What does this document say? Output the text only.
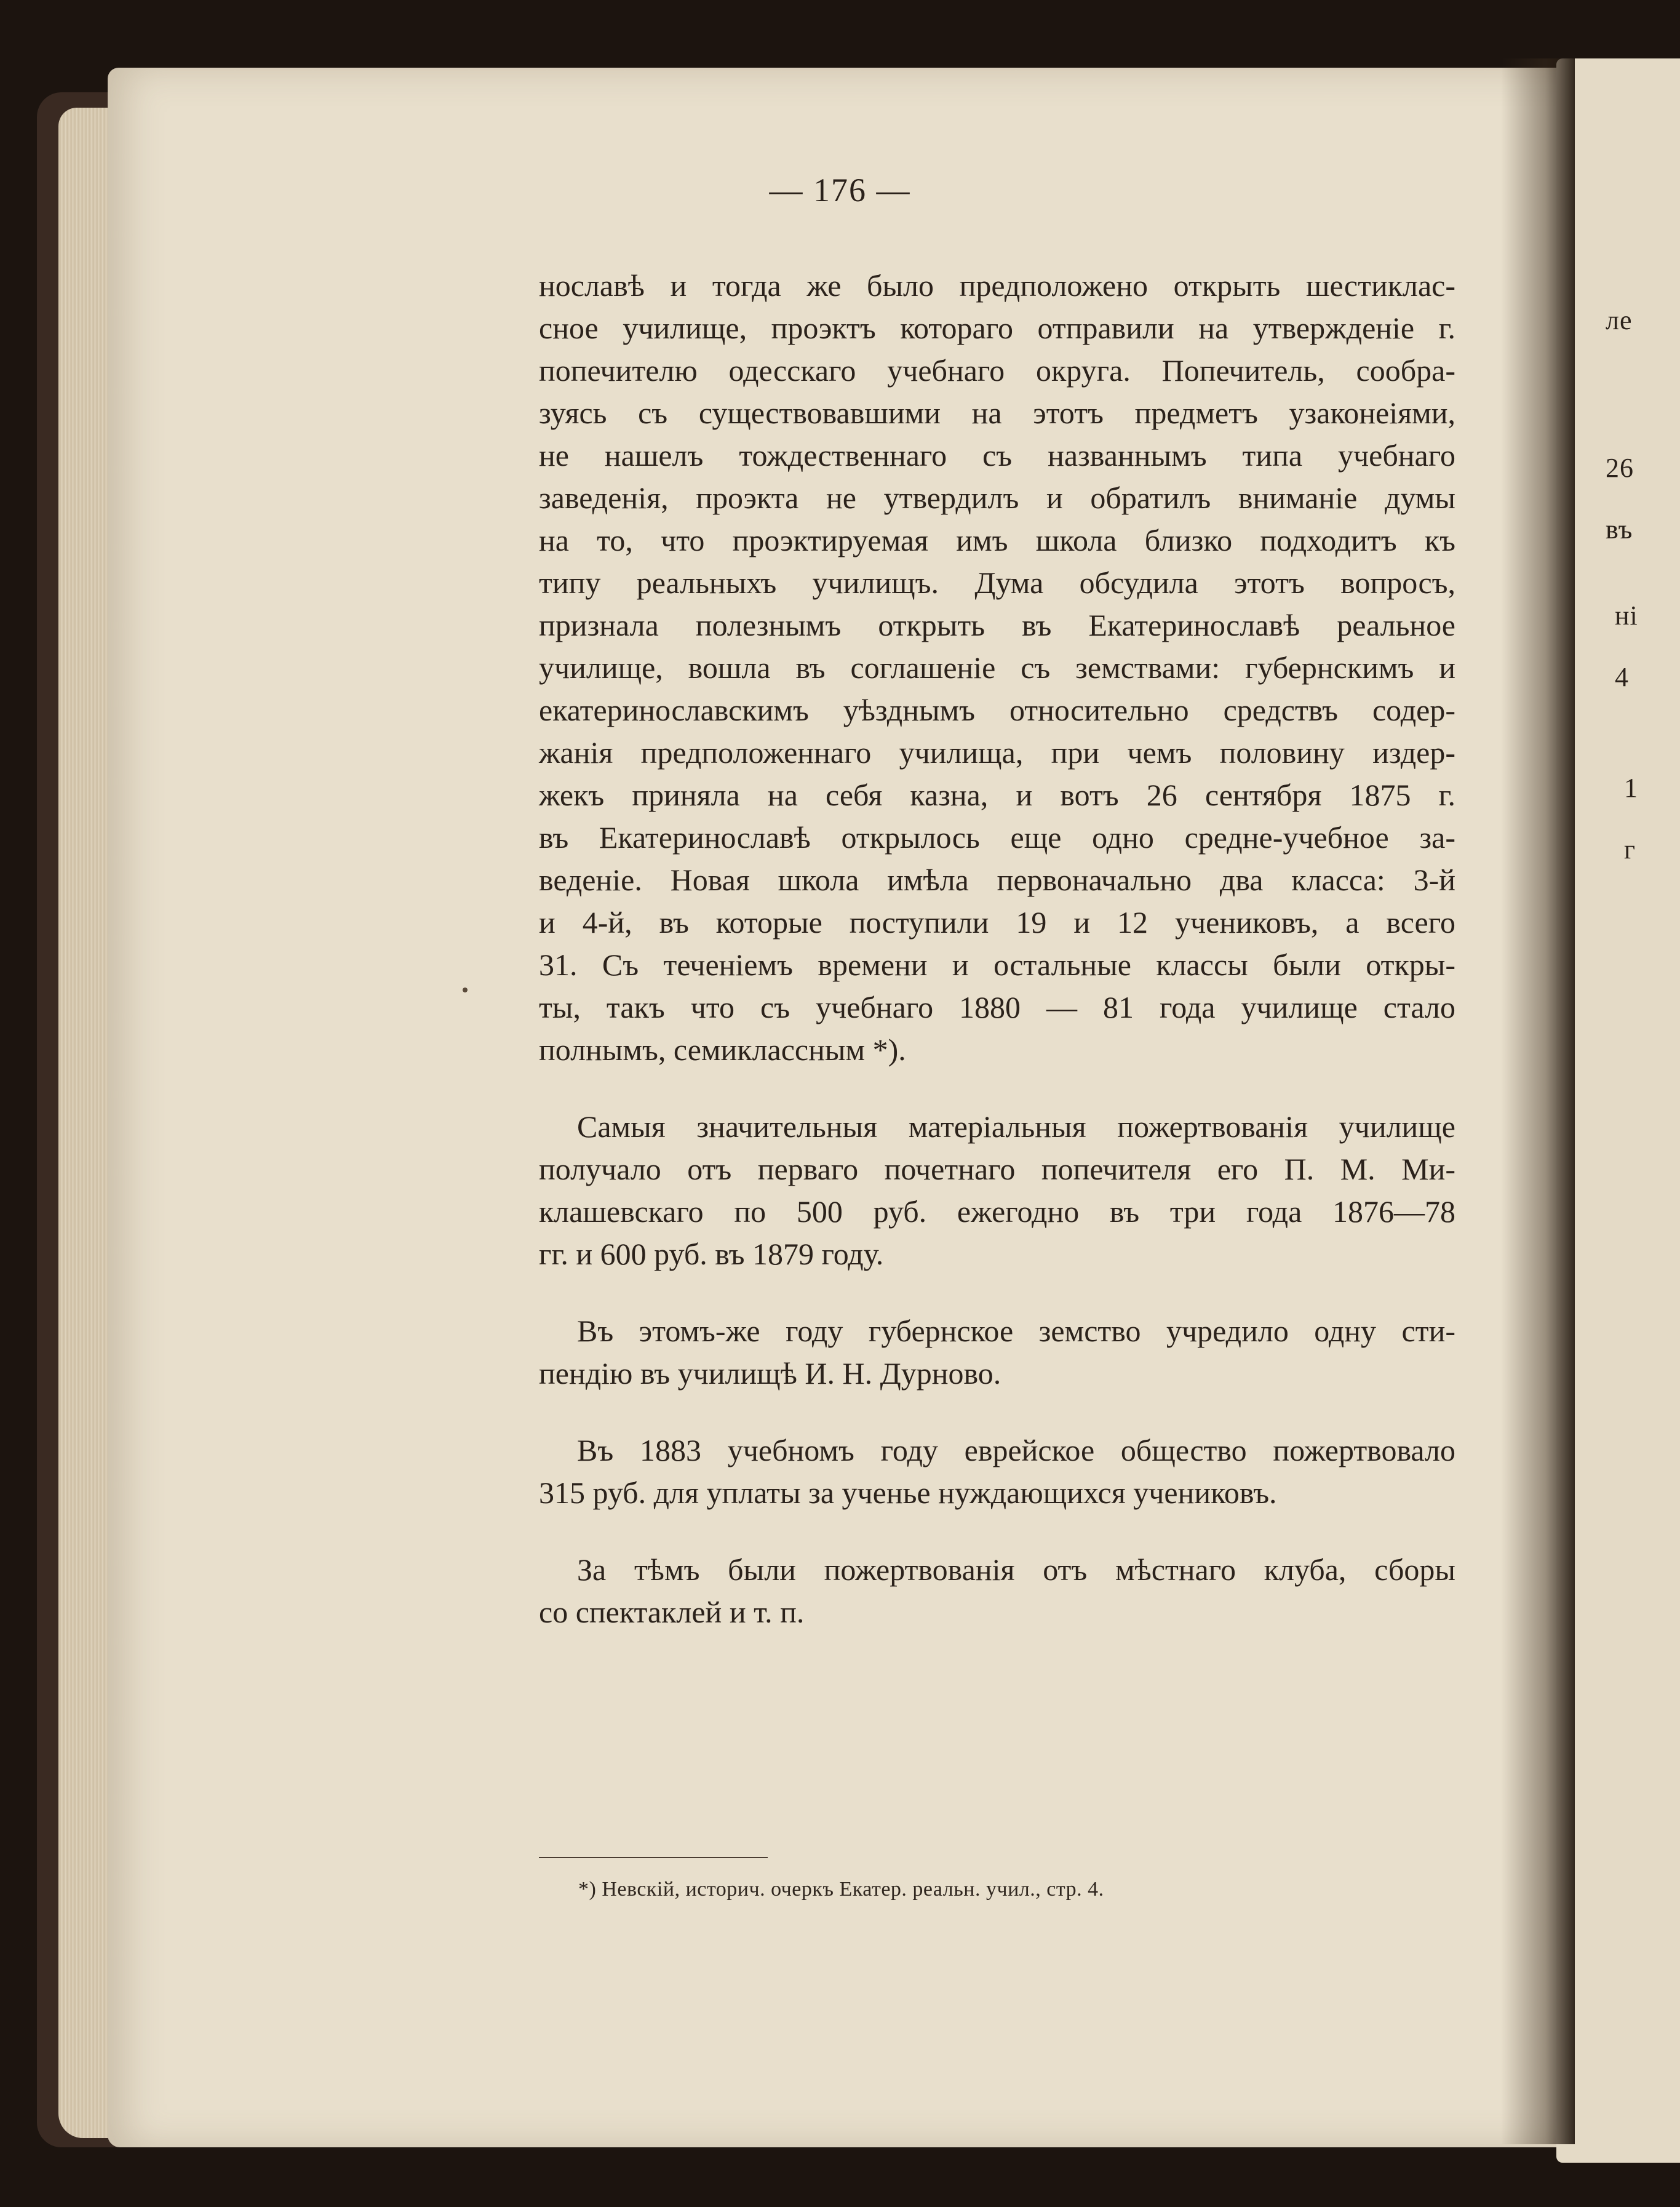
ле
26
въ
ні
4
1
г
— 176 —
ноcлавѣ и тогда же было предположено открыть шестиклас-
сное училище, проэктъ котораго отправили на утвержденіе г.
попечителю одесскаго учебнаго округа. Попечитель, сообра-
зуясь съ существовавшими на этотъ предметъ узаконеіями,
не нашелъ тождественнаго съ названнымъ типа учебнаго
заведенія, проэкта не утвердилъ и обратилъ вниманіе думы
на то, что проэктируемая имъ школа близко подходитъ къ
типу реальныхъ училищъ. Дума обсудила этотъ вопросъ,
признала полезнымъ открыть въ Екатеринославѣ реальное
училище, вошла въ соглашеніе съ земствами: губернскимъ и
екатеринославскимъ уѣзднымъ относительно средствъ содер-
жанія предположеннаго училища, при чемъ половину издер-
жекъ приняла на себя казна, и вотъ 26 сентября 1875 г.
въ Екатеринославѣ открылось еще одно средне-учебное за-
веденіе. Новая школа имѣла первоначально два класса: 3-й
и 4-й, въ которые поступили 19 и 12 учениковъ, а всего
31. Съ теченіемъ времени и остальные классы были откры-
ты, такъ что съ учебнаго 1880 — 81 года училище стало
полнымъ, семиклассным *).
Самыя значительныя матеріальныя пожертвованія училище
получало отъ перваго почетнаго попечителя его П. М. Ми-
клашевскаго по 500 руб. ежегодно въ три года 1876—78
гг. и 600 руб. въ 1879 году.
Въ этомъ-же году губернское земство учредило одну сти-
пендію въ училищѣ И. Н. Дурново.
Въ 1883 учебномъ году еврейское общество пожертвовало
315 руб. для уплаты за ученье нуждающихся учениковъ.
За тѣмъ были пожертвованія отъ мѣстнаго клуба, сборы
со спектаклей и т. п.
*) Невскій, историч. очеркъ Екатер. реальн. учил., стр. 4.
